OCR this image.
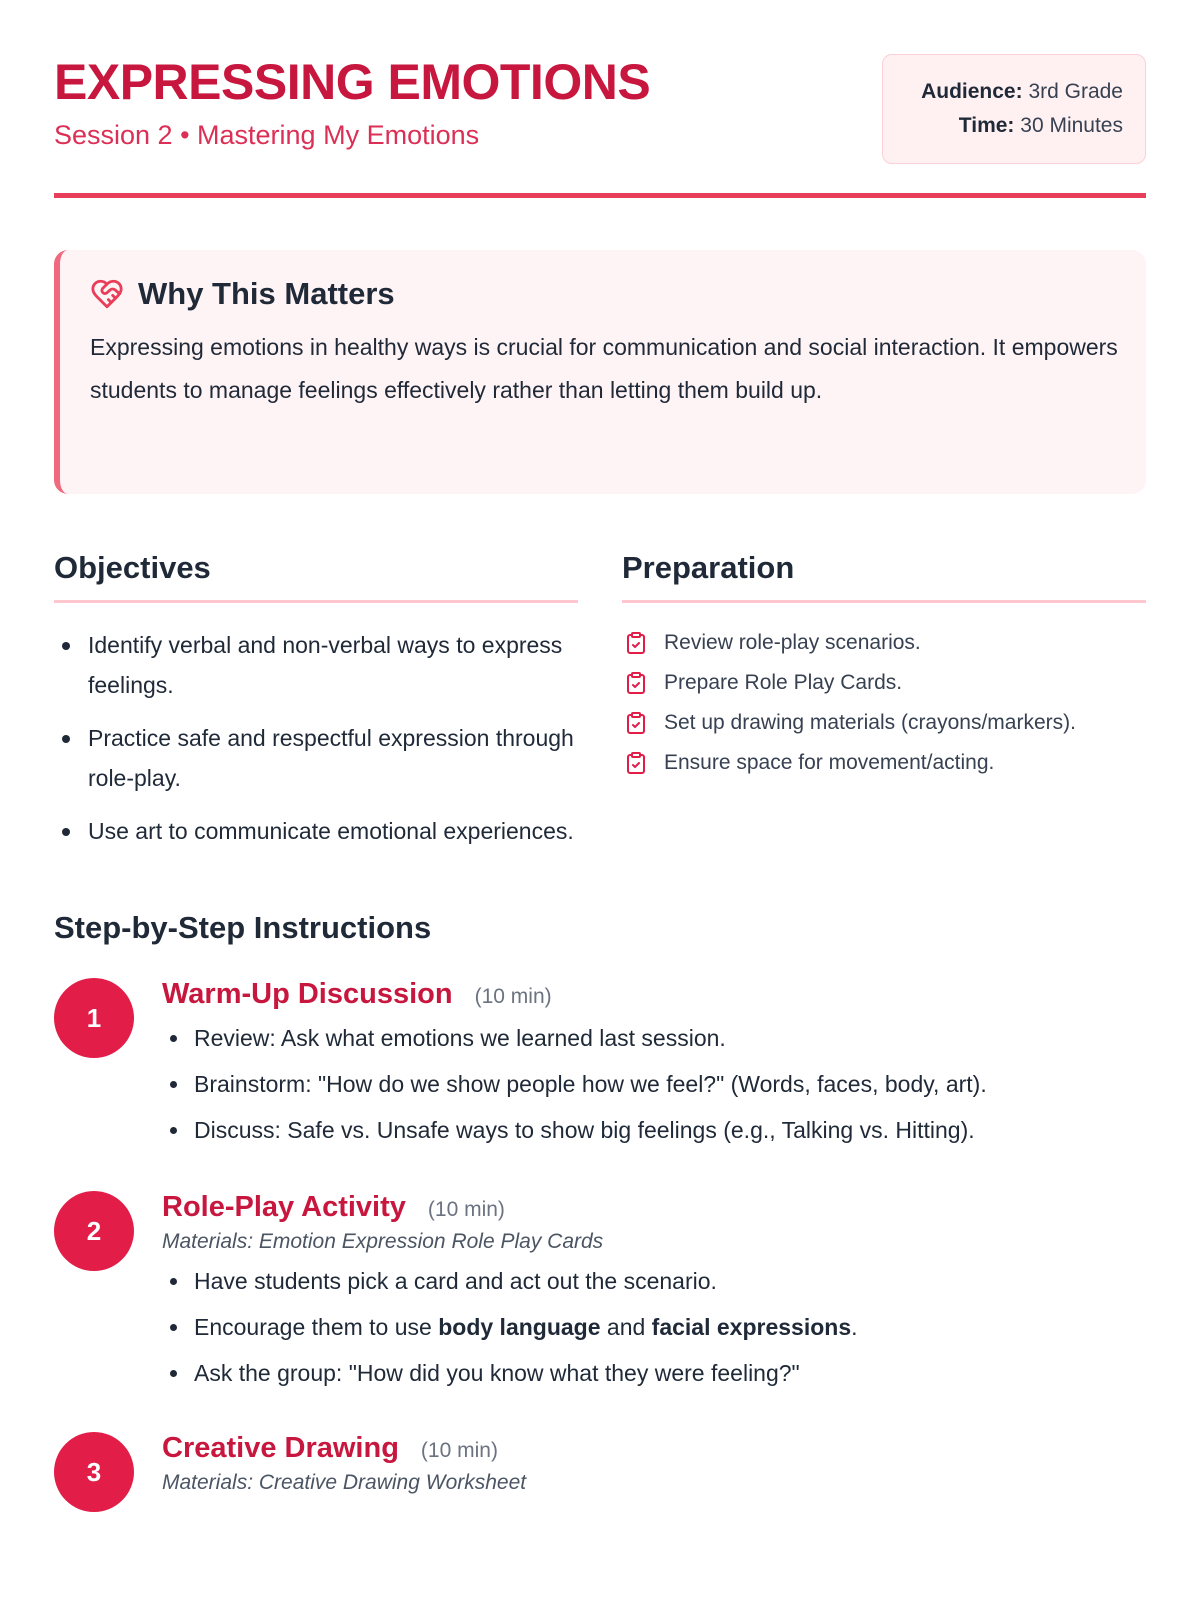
EXPRESSING EMOTIONS
Session 2 • Mastering My Emotions
Audience: 3rd Grade
Time: 30 Minutes
Why This Matters

Expressing emotions in healthy ways is crucial for communication and social interaction. It empowers students to manage feelings effectively rather than letting them build up.

Objectives
Identify verbal and non-verbal ways to express feelings.
Practice safe and respectful expression through role-play.
Use art to communicate emotional experiences.
Preparation
Review role-play scenarios.
Prepare Role Play Cards.
Set up drawing materials (crayons/markers).
Ensure space for movement/acting.
Step-by-Step Instructions
1
Warm-Up Discussion (10 min)
Review: Ask what emotions we learned last session.
Brainstorm: "How do we show people how we feel?" (Words, faces, body, art).
Discuss: Safe vs. Unsafe ways to show big feelings (e.g., Talking vs. Hitting).
2
Role-Play Activity (10 min)
Materials: Emotion Expression Role Play Cards
Have students pick a card and act out the scenario.
Encourage them to use body language and facial expressions.
Ask the group: "How did you know what they were feeling?"
3
Creative Drawing (10 min)
Materials: Creative Drawing Worksheet
